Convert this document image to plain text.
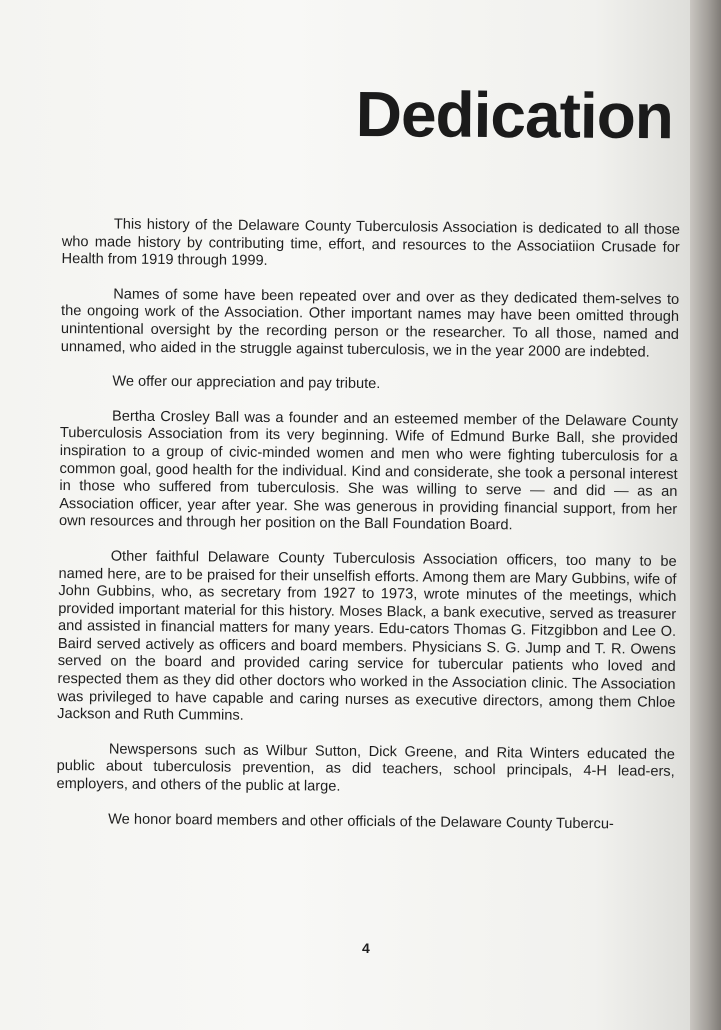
Dedication

This history of the Delaware County Tuberculosis Association is dedicated to all those who made history by contributing time, effort, and resources to the Associatiion Crusade for Health from 1919 through 1999.

Names of some have been repeated over and over as they dedicated them-selves to the ongoing work of the Association. Other important names may have been omitted through unintentional oversight by the recording person or the researcher. To all those, named and unnamed, who aided in the struggle against tuberculosis, we in the year 2000 are indebted.

We offer our appreciation and pay tribute.

Bertha Crosley Ball was a founder and an esteemed member of the Delaware County Tuberculosis Association from its very beginning. Wife of Edmund Burke Ball, she provided inspiration to a group of civic-minded women and men who were fighting tuberculosis for a common goal, good health for the individual. Kind and considerate, she took a personal interest in those who suffered from tuberculosis. She was willing to serve — and did — as an Association officer, year after year. She was generous in providing financial support, from her own resources and through her position on the Ball Foundation Board.

Other faithful Delaware County Tuberculosis Association officers, too many to be named here, are to be praised for their unselfish efforts. Among them are Mary Gubbins, wife of John Gubbins, who, as secretary from 1927 to 1973, wrote minutes of the meetings, which provided important material for this history. Moses Black, a bank executive, served as treasurer and assisted in financial matters for many years. Edu-cators Thomas G. Fitzgibbon and Lee O. Baird served actively as officers and board members. Physicians S. G. Jump and T. R. Owens served on the board and provided caring service for tubercular patients who loved and respected them as they did other doctors who worked in the Association clinic. The Association was privileged to have capable and caring nurses as executive directors, among them Chloe Jackson and Ruth Cummins.

Newspersons such as Wilbur Sutton, Dick Greene, and Rita Winters educated the public about tuberculosis prevention, as did teachers, school principals, 4-H lead-ers, employers, and others of the public at large.

We honor board members and other officials of the Delaware County Tubercu-

4
